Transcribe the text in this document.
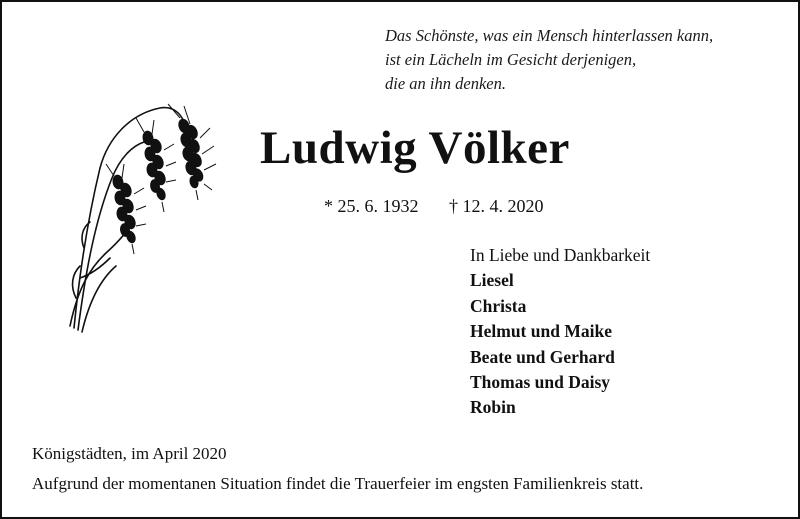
Das Schönste, was ein Mensch hinterlassen kann,
ist ein Lächeln im Gesicht derjenigen,
die an ihn denken.
Ludwig Völker
* 25. 6. 1932 † 12. 4. 2020
In Liebe und Dankbarkeit
Liesel
Christa
Helmut und Maike
Beate und Gerhard
Thomas und Daisy
Robin
Königstädten, im April 2020
Aufgrund der momentanen Situation findet die Trauerfeier im engsten Familienkreis statt.
